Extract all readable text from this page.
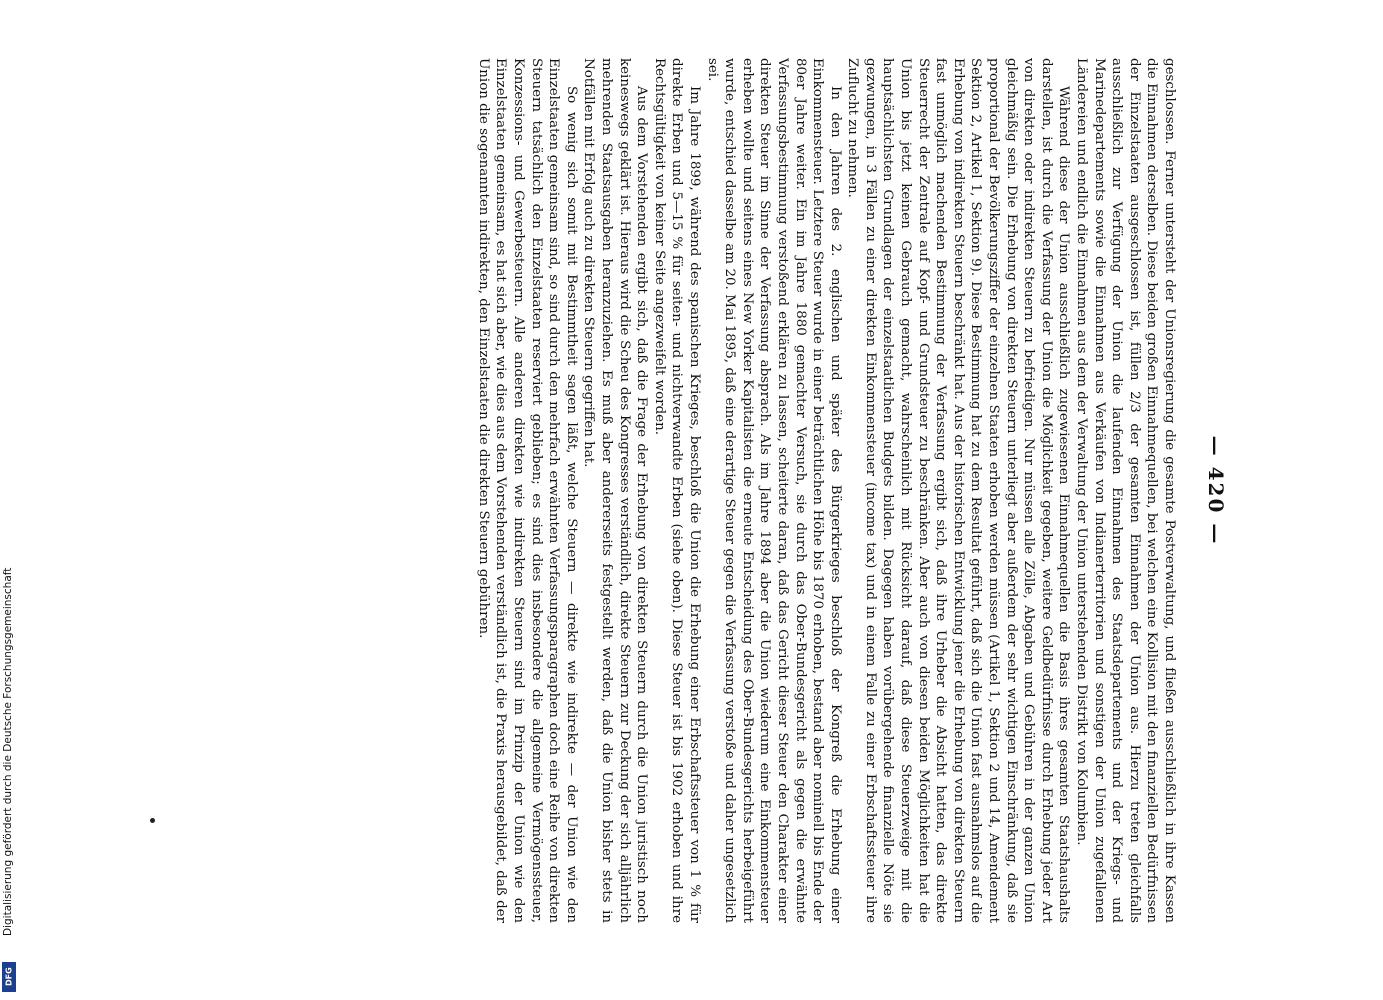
— 420 —

geschlossen. Ferner untersteht der Unionsregierung die gesamte Postverwaltung, und fließen ausschließlich in ihre Kassen die Einnahmen derselben. Diese beiden großen Einnahmequellen, bei welchen eine Kollision mit den finanziellen Bedürfnissen der Einzelstaaten ausgeschlossen ist, füllen 2/3 der gesamten Einnahmen der Union aus. Hierzu treten gleichfalls ausschließlich zur Verfügung der Union die laufenden Einnahmen des Staatsdepartements und der Kriegs- und Marinedepartements sowie die Einnahmen aus Verkäufen von Indianerterritorien und sonstigen der Union zugefallenen Ländereien und endlich die Einnahmen aus dem der Verwaltung der Union unterstehenden Distrikt von Kolumbien.

Während diese der Union ausschließlich zugewiesenen Einnahmequellen die Basis ihres gesamten Staatshaushalts darstellen, ist durch die Verfassung der Union die Möglichkeit gegeben, weitere Geldbedürfnisse durch Erhebung jeder Art von direkten oder indirekten Steuern zu befriedigen. Nur müssen alle Zölle, Abgaben und Gebühren in der ganzen Union gleichmäßig sein. Die Erhebung von direkten Steuern unterliegt aber außerdem der sehr wichtigen Einschränkung, daß sie proportional der Bevölkerungsziffer der einzelnen Staaten erhoben werden müssen (Artikel 1, Sektion 2 und 14, Amendement Sektion 2, Artikel 1, Sektion 9). Diese Bestimmung hat zu dem Resultat geführt, daß sich die Union fast ausnahmslos auf die Erhebung von indirekten Steuern beschränkt hat. Aus der historischen Entwicklung jener die Erhebung von direkten Steuern fast unmöglich machenden Bestimmung der Verfassung ergibt sich, daß ihre Urheber die Absicht hatten, das direkte Steuerrecht der Zentrale auf Kopf- und Grundsteuer zu beschränken. Aber auch von diesen beiden Möglichkeiten hat die Union bis jetzt keinen Gebrauch gemacht, wahrscheinlich mit Rücksicht darauf, daß diese Steuerzweige mit die hauptsächlichsten Grundlagen der einzelstaatlichen Budgets bilden. Dagegen haben vorübergehende finanzielle Nöte sie gezwungen, in 3 Fällen zu einer direkten Einkommensteuer (income tax) und in einem Falle zu einer Erbschaftssteuer ihre Zuflucht zu nehmen.

In den Jahren des 2. englischen und später des Bürgerkrieges beschloß der Kongreß die Erhebung einer Einkommensteuer. Letztere Steuer wurde in einer beträchtlichen Höhe bis 1870 erhoben, bestand aber nominell bis Ende der 80er Jahre weiter. Ein im Jahre 1880 gemachter Versuch, sie durch das Ober-Bundesgericht als gegen die erwähnte Verfassungsbestimmung verstoßend erklären zu lassen, scheiterte daran, daß das Gericht dieser Steuer den Charakter einer direkten Steuer im Sinne der Verfassung absprach. Als im Jahre 1894 aber die Union wiederum eine Einkommensteuer erheben wollte und seitens eines New Yorker Kapitalisten die erneute Entscheidung des Ober-Bundesgerichts herbeigeführt wurde, entschied dasselbe am 20. Mai 1895, daß eine derartige Steuer gegen die Verfassung verstoße und daher ungesetzlich sei.

Im Jahre 1899, während des spanischen Krieges, beschloß die Union die Erhebung einer Erbschaftssteuer von 1 % für direkte Erben und 5—15 % für seiten- und nichtverwandte Erben (siehe oben). Diese Steuer ist bis 1902 erhoben und ihre Rechtsgültigkeit von keiner Seite angezweifelt worden.

Aus dem Vorstehenden ergibt sich, daß die Frage der Erhebung von direkten Steuern durch die Union juristisch noch keineswegs geklärt ist. Hieraus wird die Scheu des Kongresses verständlich, direkte Steuern zur Deckung der sich alljährlich mehrenden Staatsausgaben heranzuziehen. Es muß aber andererseits festgestellt werden, daß die Union bisher stets in Notfällen mit Erfolg auch zu direkten Steuern gegriffen hat.

So wenig sich somit mit Bestimmtheit sagen läßt, welche Steuern — direkte wie indirekte — der Union wie den Einzelstaaten gemeinsam sind, so sind durch den mehrfach erwähnten Verfassungsparagraphen doch eine Reihe von direkten Steuern tatsächlich den Einzelstaaten reserviert geblieben; es sind dies insbesondere die allgemeine Vermögenssteuer, Konzessions- und Gewerbesteuern. Alle anderen direkten wie indirekten Steuern sind im Prinzip der Union wie den Einzelstaaten gemeinsam, es hat sich aber, wie dies aus dem Vorstehenden verständlich ist, die Praxis herausgebildet, daß der Union die sogenannten indirekten, den Einzelstaaten die direkten Steuern gebühren.

Digitalisierung gefördert durch die Deutsche Forschungsgemeinschaft
DFG
